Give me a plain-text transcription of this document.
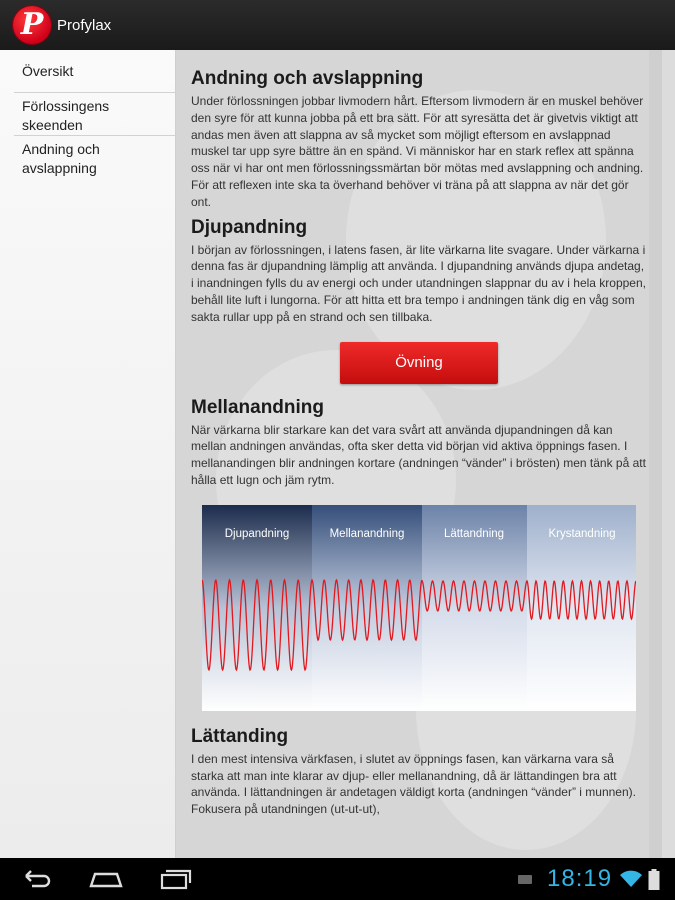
P Profylax
Översikt
Förlossingens skeenden
Andning och avslappning
Andning och avslappning
Under förlossningen jobbar livmodern hårt. Eftersom livmodern är en muskel behöver den syre för att kunna jobba på ett bra sätt. För att syresätta det är givetvis viktigt att andas men även att slappna av så mycket som möjligt eftersom en avslappnad muskel tar upp syre bättre än en spänd. Vi människor har en stark reflex att spänna oss när vi har ont men förlossningssmärtan bör mötas med avslappning och andning. För att reflexen inte ska ta överhand behöver vi träna på att slappna av när det gör ont.
Djupandning
I början av förlossningen, i latens fasen, är lite värkarna lite svagare. Under värkarna i denna fas är djupandning lämplig att använda. I djupandning används djupa andetag, i inandningen fylls du av energi och under utandningen slappnar du av i hela kroppen, behåll lite luft i lungorna. För att hitta ett bra tempo i andningen tänk dig en våg som sakta rullar upp på en strand och sen tillbaka.
Övning
Mellanandning
När värkarna blir starkare kan det vara svårt att använda djupandningen då kan mellan andningen användas, ofta sker detta vid början vid aktiva öppnings fasen. I mellanandingen blir andningen kortare (andningen “vänder” i brösten) men tänk på att hålla ett lugn och jäm rytm.
Djupandning	Mellanandning	Lättandning	Krystandning
Lättanding
I den mest intensiva värkfasen, i slutet av öppnings fasen, kan värkarna vara så starka att man inte klarar av djup- eller mellanandning, då är lättandingen bra att använda. I lättandningen är andetagen väldigt korta (andningen “vänder” i munnen). Fokusera på utandningen (ut-ut-ut),
18:19
